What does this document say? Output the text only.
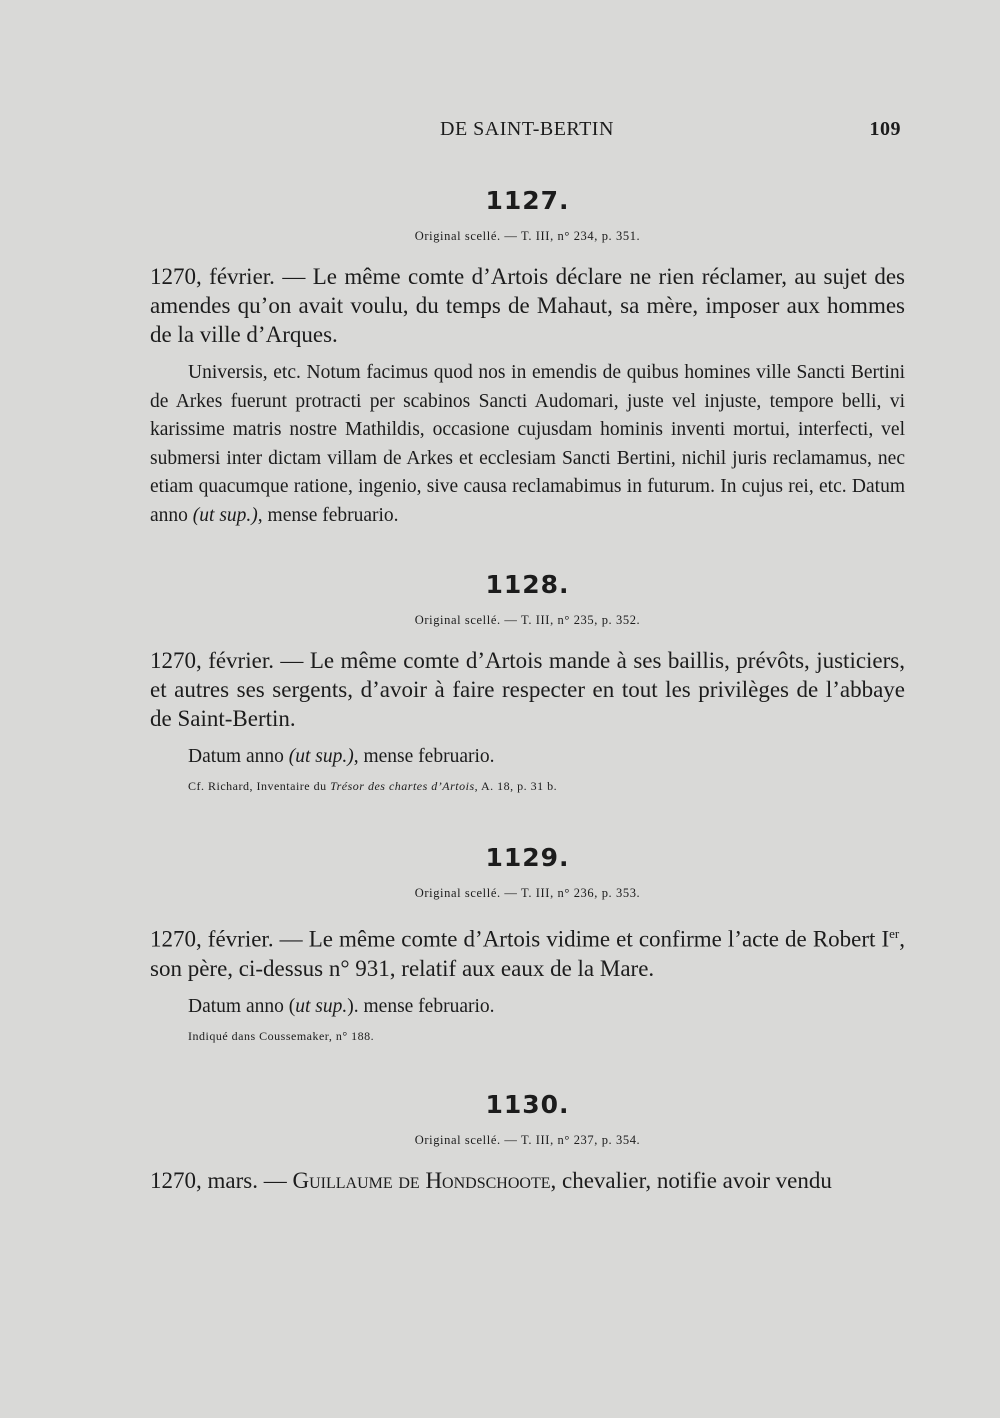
DE SAINT-BERTIN	109
1127.
Original scellé. — T. III, n° 234, p. 351.

1270, février. — Le même comte d’Artois déclare ne rien réclamer, au sujet des amendes qu’on avait voulu, du temps de Mahaut, sa mère, imposer aux hommes de la ville d’Arques.

Universis, etc. Notum facimus quod nos in emendis de quibus homines ville Sancti Bertini de Arkes fuerunt protracti per scabinos Sancti Audomari, juste vel injuste, tempore belli, vi karissime matris nostre Mathildis, occasione cujusdam hominis inventi mortui, interfecti, vel submersi inter dictam villam de Arkes et ecclesiam Sancti Bertini, nichil juris reclamamus, nec etiam quacumque ratione, ingenio, sive causa reclamabimus in futurum. In cujus rei, etc. Datum anno (ut sup.), mense februario.

1128.
Original scellé. — T. III, n° 235, p. 352.

1270, février. — Le même comte d’Artois mande à ses baillis, prévôts, justiciers, et autres ses sergents, d’avoir à faire respecter en tout les privilèges de l’abbaye de Saint-Bertin.

Datum anno (ut sup.), mense februario.

Cf. Richard, Inventaire du Trésor des chartes d’Artois, A. 18, p. 31 b.

1129.
Original scellé. — T. III, n° 236, p. 353.

1270, février. — Le même comte d’Artois vidime et confirme l’acte de Robert Ier, son père, ci-dessus n° 931, relatif aux eaux de la Mare.

Datum anno (ut sup.). mense februario.

Indiqué dans Coussemaker, n° 188.

1130.
Original scellé. — T. III, n° 237, p. 354.

1270, mars. — Guillaume de Hondschoote, chevalier, notifie avoir vendu
